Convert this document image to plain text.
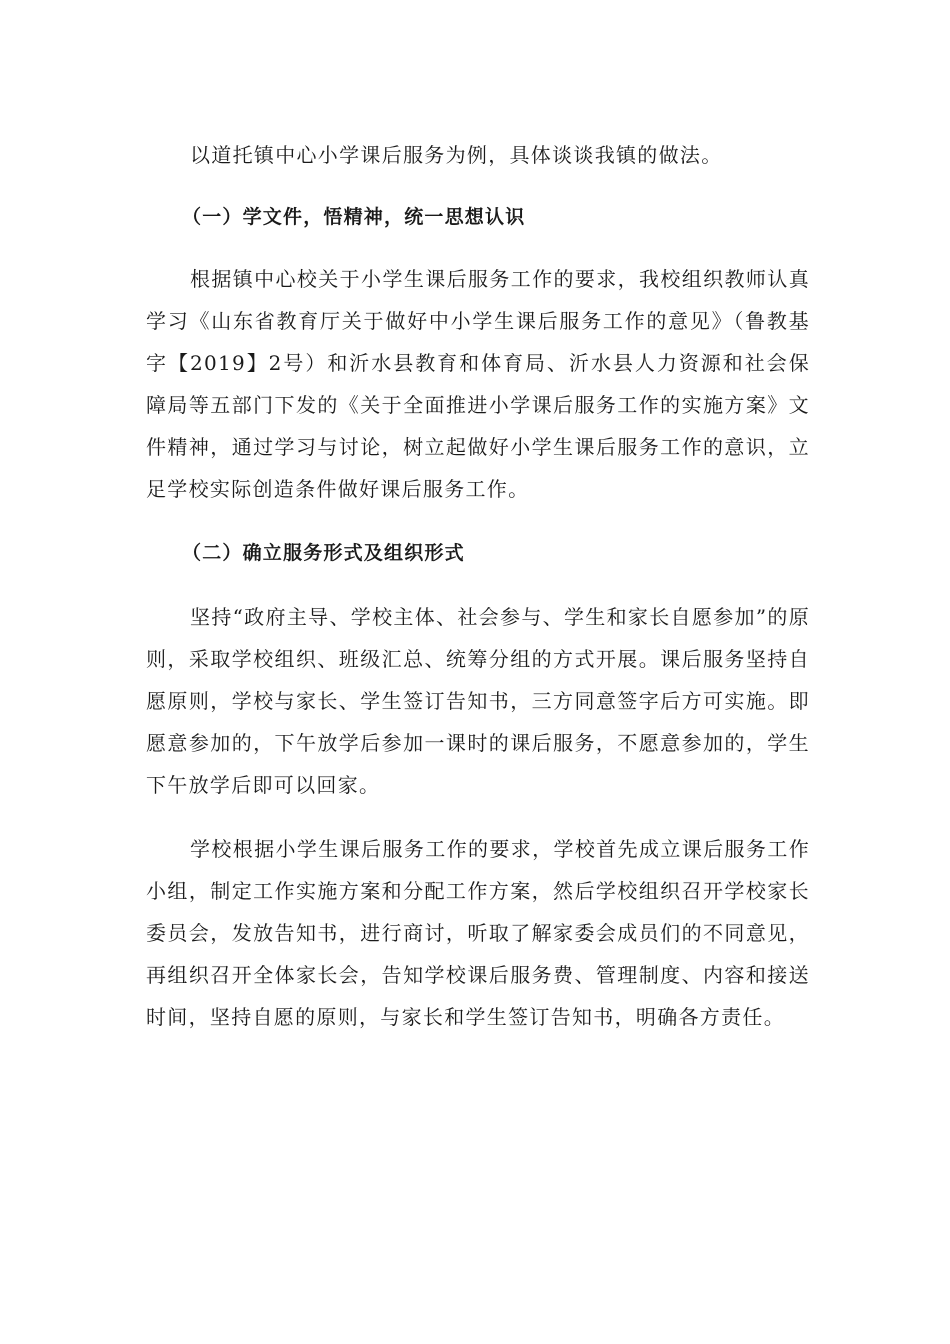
以道托镇中心小学课后服务为例，具体谈谈我镇的做法。

（一）学文件，悟精神，统一思想认识

根据镇中心校关于小学生课后服务工作的要求，我校组织教师认真学习《山东省教育厅关于做好中小学生课后服务工作的意见》（鲁教基字【2019】2号）和沂水县教育和体育局、沂水县人力资源和社会保障局等五部门下发的《关于全面推进小学课后服务工作的实施方案》文件精神，通过学习与讨论，树立起做好小学生课后服务工作的意识，立足学校实际创造条件做好课后服务工作。

（二）确立服务形式及组织形式

坚持“政府主导、学校主体、社会参与、学生和家长自愿参加”的原则，采取学校组织、班级汇总、统筹分组的方式开展。课后服务坚持自愿原则，学校与家长、学生签订告知书，三方同意签字后方可实施。即愿意参加的，下午放学后参加一课时的课后服务，不愿意参加的，学生下午放学后即可以回家。

学校根据小学生课后服务工作的要求，学校首先成立课后服务工作小组，制定工作实施方案和分配工作方案，然后学校组织召开学校家长委员会，发放告知书，进行商讨，听取了解家委会成员们的不同意见，再组织召开全体家长会，告知学校课后服务费、管理制度、内容和接送时间，坚持自愿的原则，与家长和学生签订告知书，明确各方责任。
